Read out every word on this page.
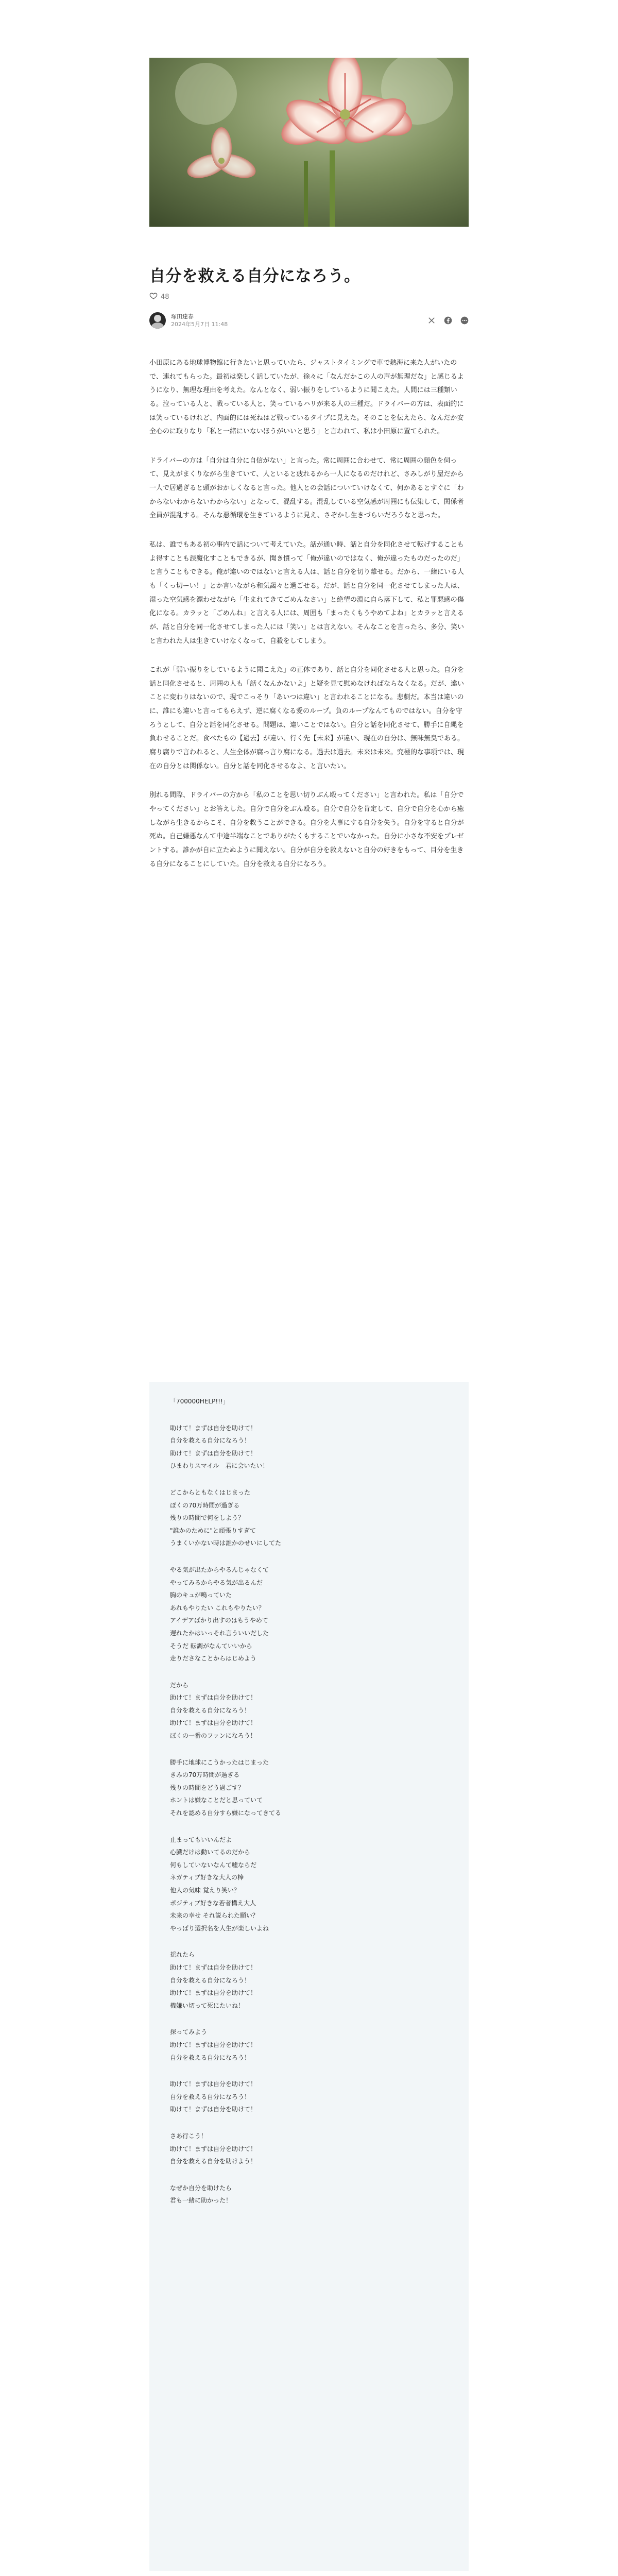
自分を救える自分になろう。
48
塚田達春
2024年5月7日 11:48

小田原にある地球博物館に行きたいと思っていたら、ジャストタイミングで車で熱海に来た人がいたので、連れてもらった。最初は楽しく話していたが、徐々に「なんだかこの人の声が無理だな」と感じるようになり、無理な理由を考えた。なんとなく、弱い振りをしているように聞こえた。人間には三種類いる。泣っている人と、戦っている人と、笑っているハリが来る人の三種だ。ドライバーの方は、表面的には笑っているけれど、内面的には死ねはど戦っているタイプに見えた。そのことを伝えたら、なんだか安全心のに取りなり「私と一緒にいないほうがいいと思う」と言われて、私は小田原に置てられた。

ドライバーの方は「自分は自分に自信がない」と言った。常に周囲に合わせて、常に周囲の顔色を伺って、見えがまくりながら生きていて、人といると疲れるから一人になるのだけれど、さみしがり屋だから一人で居過ぎると頭がおかしくなると言った。他人との会話についていけなくて、何かあるとすぐに「わからないわからないわからない」となって、混乱する。混乱している空気感が周囲にも伝染して、関係者全員が混乱する。そんな悪循環を生きているように見え、さぞかし生きづらいだろうなと思った。

私は、誰でもある初の事内で話について考えていた。話が通い時、話と自分を同化させて転げすることもよ得すことも誤魔化すこともできるが、聞き慣って「俺が違いのではなく、俺が違ったものだったのだ」と言うこともできる。俺が違いのではないと言える人は、話と自分を切り離せる。だから、一緒にいる人も「くっ切ーい！」とか言いながら和気藹々と過ごせる。だが、話と自分を同一化させてしまった人は、湿った空気感を漂わせながら「生まれてきてごめんなさい」と絶望の淵に自ら落下して、私と罪悪感の傷化になる。カラッと「ごめんね」と言える人には、周囲も「まったくもうやめてよね」とカラッと言えるが、話と自分を同一化させてしまった人には「笑い」とは言えない。そんなことを言ったら、多分、笑いと言われた人は生きていけなくなって、自殺をしてしまう。

これが「弱い振りをしているように聞こえた」の正体であり、話と自分を同化させる人と思った。自分を話と同化させると、周囲の人も「話くなんかないよ」と疑を見て慰めなければならなくなる。だが、違いことに変わりはないので、現でこっそり「あいつは違い」と言われることになる。悲劇だ。本当は違いのに、誰にも違いと言ってもらえず、逆に腐くなる愛のループ。負のループなんてものではない。自分を守ろうとして、自分と話を同化させる。問題は、違いことではない。自分と話を同化させて、勝手に自縄を負わせることだ。食べたもの【過去】が違い、行く先【未来】が違い、現在の自分は、無味無臭である。腐り腐りで言われると、人生全体が腐っ言り腐になる。過去は過去。未来は未来。究極的な事項では、現在の自分とは関係ない。自分と話を同化させるなよ、と言いたい。

別れる間際、ドライバーの方から「私のことを思い切りぶん殴ってください」と言われた。私は「自分でやってください」とお答えした。自分で自分をぶん殴る。自分で自分を肯定して、自分で自分を心から癒しながら生きるからこそ、自分を救うことができる。自分を大事にする自分を失う。自分を守ると自分が死ぬ。自己嫌悪なんて中途半端なことでありがたくもすることでいなかった。自分に小さな不安をプレゼントする。誰かが自に立たぬように聞えない。自分が自分を救えないと自分の好きをもって、目分を生きる自分になることにしていた。自分を救える自分になろう。

「700000HELP!!!」
助けて！まずは自分を助けて！
自分を救える自分になろう！
助けて！まずは自分を助けて！
ひまわりスマイル　君に会いたい！
どこからともなくはじまった
ぼくの70万時間が過ぎる
残りの時間で何をしよう？
"誰かのために"と頑張りすぎて
うまくいかない時は誰かのせいにしてた
やる気が出たからやるんじゃなくて
やってみるからやる気が出るんだ
胸のキュが鳴っていた
あれもやりたい これもやりたい？
アイデアばかり出すのはもうやめて
遅れたかはいっそれ言ういいだした
そうだ 転調がなんていいから
走りださなことからはじめよう
だから
助けて！まずは自分を助けて！
自分を救える自分になろう！
助けて！まずは自分を助けて！
ぼくの一番のファンになろう！
勝手に地球にこうかったはじまった
きみの70万時間が過ぎる
残りの時間をどう過ごす？
ホントは嫌なことだと思っていて
それを認める自分すら嫌になってきてる
止まってもいいんだよ
心臓だけは動いてるのだから
何もしていないなんて嘘ならだ
ネガティブ好きな大人の棒
他人の気味 覚えり笑い？
ポジティブ好きな若者構え大人
未来の幸せ それ説られた願い？
やっぱり選択名を人生が楽しいよね
揺れたら
助けて！まずは自分を助けて！
自分を救える自分になろう！
助けて！まずは自分を助けて！
機嫌い切って死にたいね！
探ってみよう
助けて！まずは自分を助けて！
自分を救える自分になろう！
助けて！まずは自分を助けて！
自分を救える自分になろう！
助けて！まずは自分を助けて！
さあ行こう！
助けて！まずは自分を助けて！
自分を救える自分を助けよう！
なぜか自分を助けたら
君も一緒に助かった！
